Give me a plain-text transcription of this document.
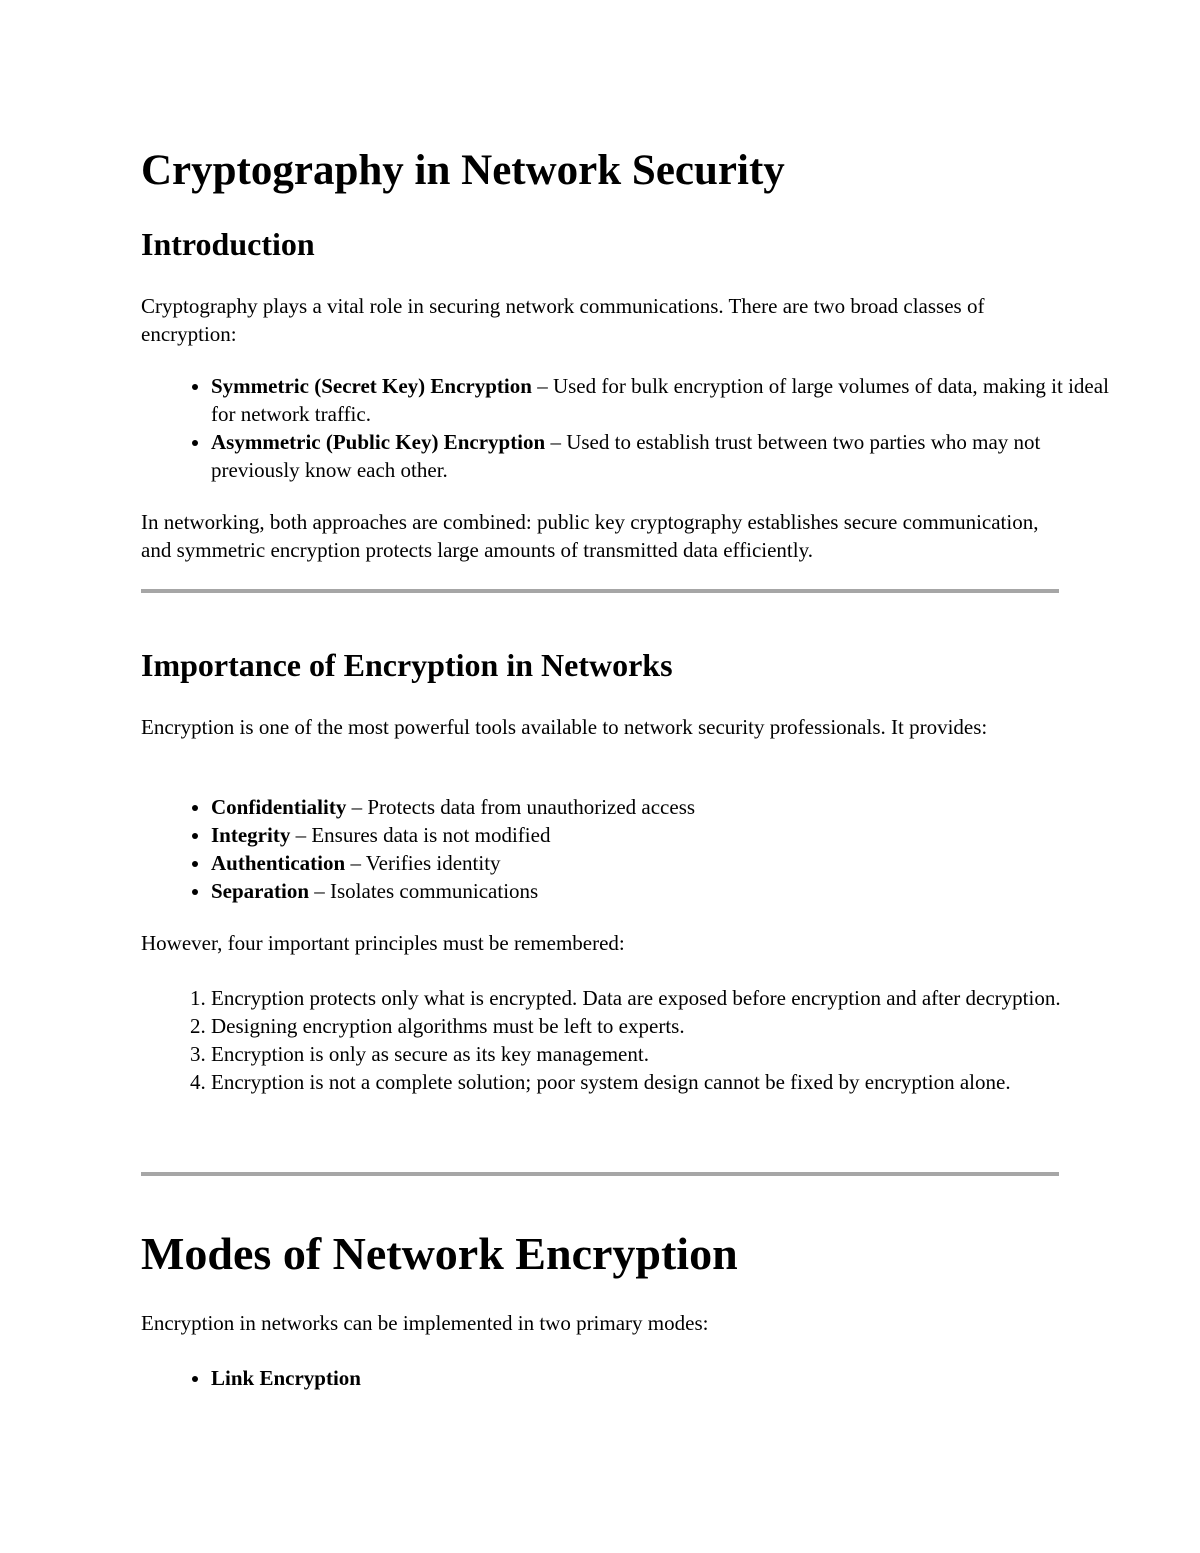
Cryptography in Network Security
Introduction

Cryptography plays a vital role in securing network communications. There are two broad classes of encryption:

• Symmetric (Secret Key) Encryption – Used for bulk encryption of large volumes of data, making it ideal for network traffic.
• Asymmetric (Public Key) Encryption – Used to establish trust between two parties who may not previously know each other.

In networking, both approaches are combined: public key cryptography establishes secure communication, and symmetric encryption protects large amounts of transmitted data efficiently.

Importance of Encryption in Networks

Encryption is one of the most powerful tools available to network security professionals. It provides:

• Confidentiality – Protects data from unauthorized access
• Integrity – Ensures data is not modified
• Authentication – Verifies identity
• Separation – Isolates communications

However, four important principles must be remembered:

1. Encryption protects only what is encrypted. Data are exposed before encryption and after decryption.
2. Designing encryption algorithms must be left to experts.
3. Encryption is only as secure as its key management.
4. Encryption is not a complete solution; poor system design cannot be fixed by encryption alone.
Modes of Network Encryption

Encryption in networks can be implemented in two primary modes:

• Link Encryption
